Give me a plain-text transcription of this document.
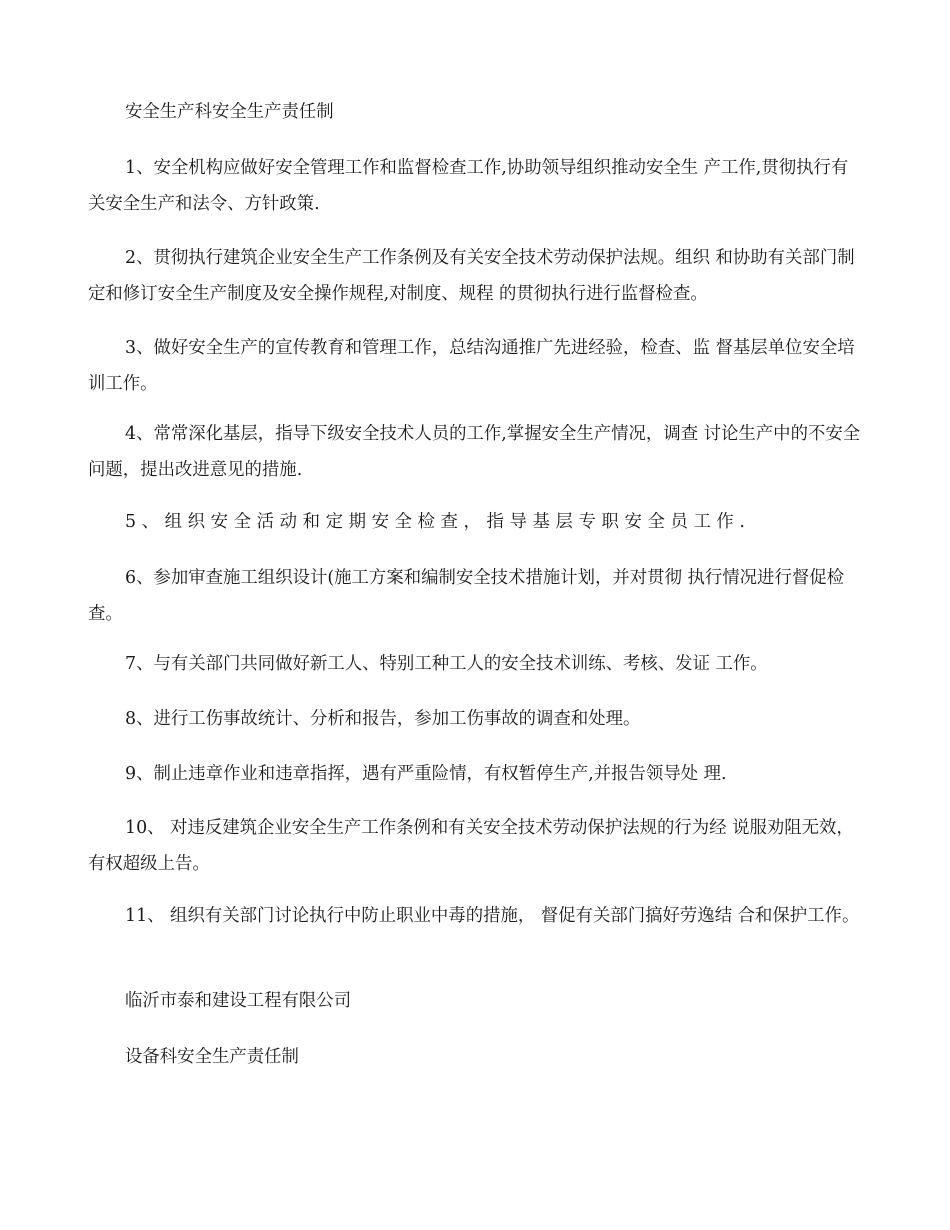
安全生产科安全生产责任制

1、安全机构应做好安全管理工作和监督检查工作,协助领导组织推动安全生 产工作,贯彻执行有关安全生产和法令、方针政策.

2、贯彻执行建筑企业安全生产工作条例及有关安全技术劳动保护法规。组织 和协助有关部门制定和修订安全生产制度及安全操作规程,对制度、规程 的贯彻执行进行监督检查。

3、做好安全生产的宣传教育和管理工作，总结沟通推广先进经验，检查、监 督基层单位安全培训工作。

4、常常深化基层，指导下级安全技术人员的工作,掌握安全生产情况，调查 讨论生产中的不安全问题，提出改进意见的措施.

5、组织安全活动和定期安全检查，指导基层专职安全员工作.

6、参加审查施工组织设计(施工方案和编制安全技术措施计划，并对贯彻 执行情况进行督促检查。

7、与有关部门共同做好新工人、特别工种工人的安全技术训练、考核、发证 工作。

8、进行工伤事故统计、分析和报告，参加工伤事故的调查和处理。

9、制止违章作业和违章指挥，遇有严重险情，有权暂停生产,并报告领导处 理.

10、 对违反建筑企业安全生产工作条例和有关安全技术劳动保护法规的行为经 说服劝阻无效，有权超级上告。

11、 组织有关部门讨论执行中防止职业中毒的措施， 督促有关部门搞好劳逸结 合和保护工作。

临沂市泰和建设工程有限公司

设备科安全生产责任制
